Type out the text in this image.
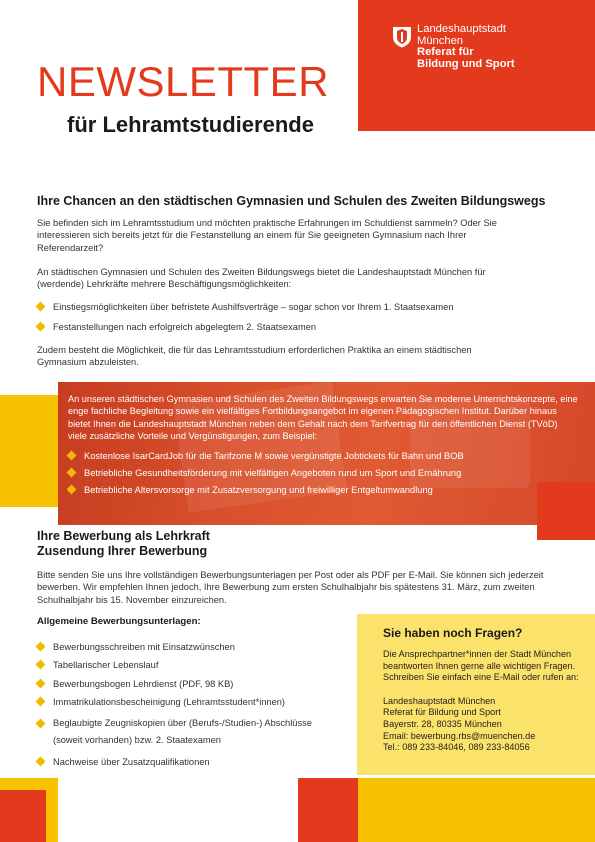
Landeshauptstadt
München
Referat für
Bildung und Sport
NEWSLETTER
für Lehramtstudierende
Ihre Chancen an den städtischen Gymnasien und Schulen des Zweiten Bildungswegs
Sie befinden sich im Lehramtsstudium und möchten praktische Erfahrungen im Schuldienst sammeln? Oder Sie interessieren sich bereits jetzt für die Festanstellung an einem für Sie geeigneten Gymnasium nach Ihrer Referendarzeit?
An städtischen Gymnasien und Schulen des Zweiten Bildungswegs bietet die Landeshauptstadt München für (werdende) Lehrkräfte mehrere Beschäftigungsmöglichkeiten:
Einstiegsmöglichkeiten über befristete Aushilfsverträge – sogar schon vor Ihrem 1. Staatsexamen
Festanstellungen nach erfolgreich abgelegtem 2. Staatsexamen
Zudem besteht die Möglichkeit, die für das Lehramtsstudium erforderlichen Praktika an einem städtischen Gymnasium abzuleisten.
An unseren städtischen Gymnasien und Schulen des Zweiten Bildungswegs erwarten Sie moderne Unterrichtskonzepte, eine enge fachliche Begleitung sowie ein vielfältiges Fortbildungsangebot im eigenen Pädagogischen Institut. Darüber hinaus bietet Ihnen die Landeshauptstadt München neben dem Gehalt nach dem Tarifvertrag für den öffentlichen Dienst (TVöD) viele zusätzliche Vorteile und Vergünstigungen, zum Beispiel:
Kostenlose IsarCardJob für die Tarifzone M sowie vergünstigte Jobtickets für Bahn und BOB
Betriebliche Gesundheitsförderung mit vielfältigen Angeboten rund um Sport und Ernährung
Betriebliche Altersvorsorge mit Zusatzversorgung und freiwilliger Entgeltumwandlung
Ihre Bewerbung als Lehrkraft
Zusendung Ihrer Bewerbung
Bitte senden Sie uns Ihre vollständigen Bewerbungsunterlagen per Post oder als PDF per E-Mail. Sie können sich jederzeit bewerben. Wir empfehlen Ihnen jedoch, Ihre Bewerbung zum ersten Schulhalbjahr bis spätestens 31. März, zum zweiten Schulhalbjahr bis 15. November einzureichen.
Allgemeine Bewerbungsunterlagen:
Bewerbungsschreiben mit Einsatzwünschen
Tabellarischer Lebenslauf
Bewerbungsbogen Lehrdienst (PDF, 98 KB)
Immatrikulationsbescheinigung (Lehramtsstudent*innen)
Beglaubigte Zeugniskopien über (Berufs-/Studien-) Abschlüsse (soweit vorhanden) bzw. 2. Staatexamen
Nachweise über Zusatzqualifikationen
Sie haben noch Fragen?
Die Ansprechpartner*innen der Stadt München beantworten Ihnen gerne alle wichtigen Fragen. Schreiben Sie einfach eine E-Mail oder rufen an:
Landeshauptstadt München
Referat für Bildung und Sport
Bayerstr. 28, 80335 München
Email: bewerbung.rbs@muenchen.de
Tel.: 089 233-84046, 089 233-84056
